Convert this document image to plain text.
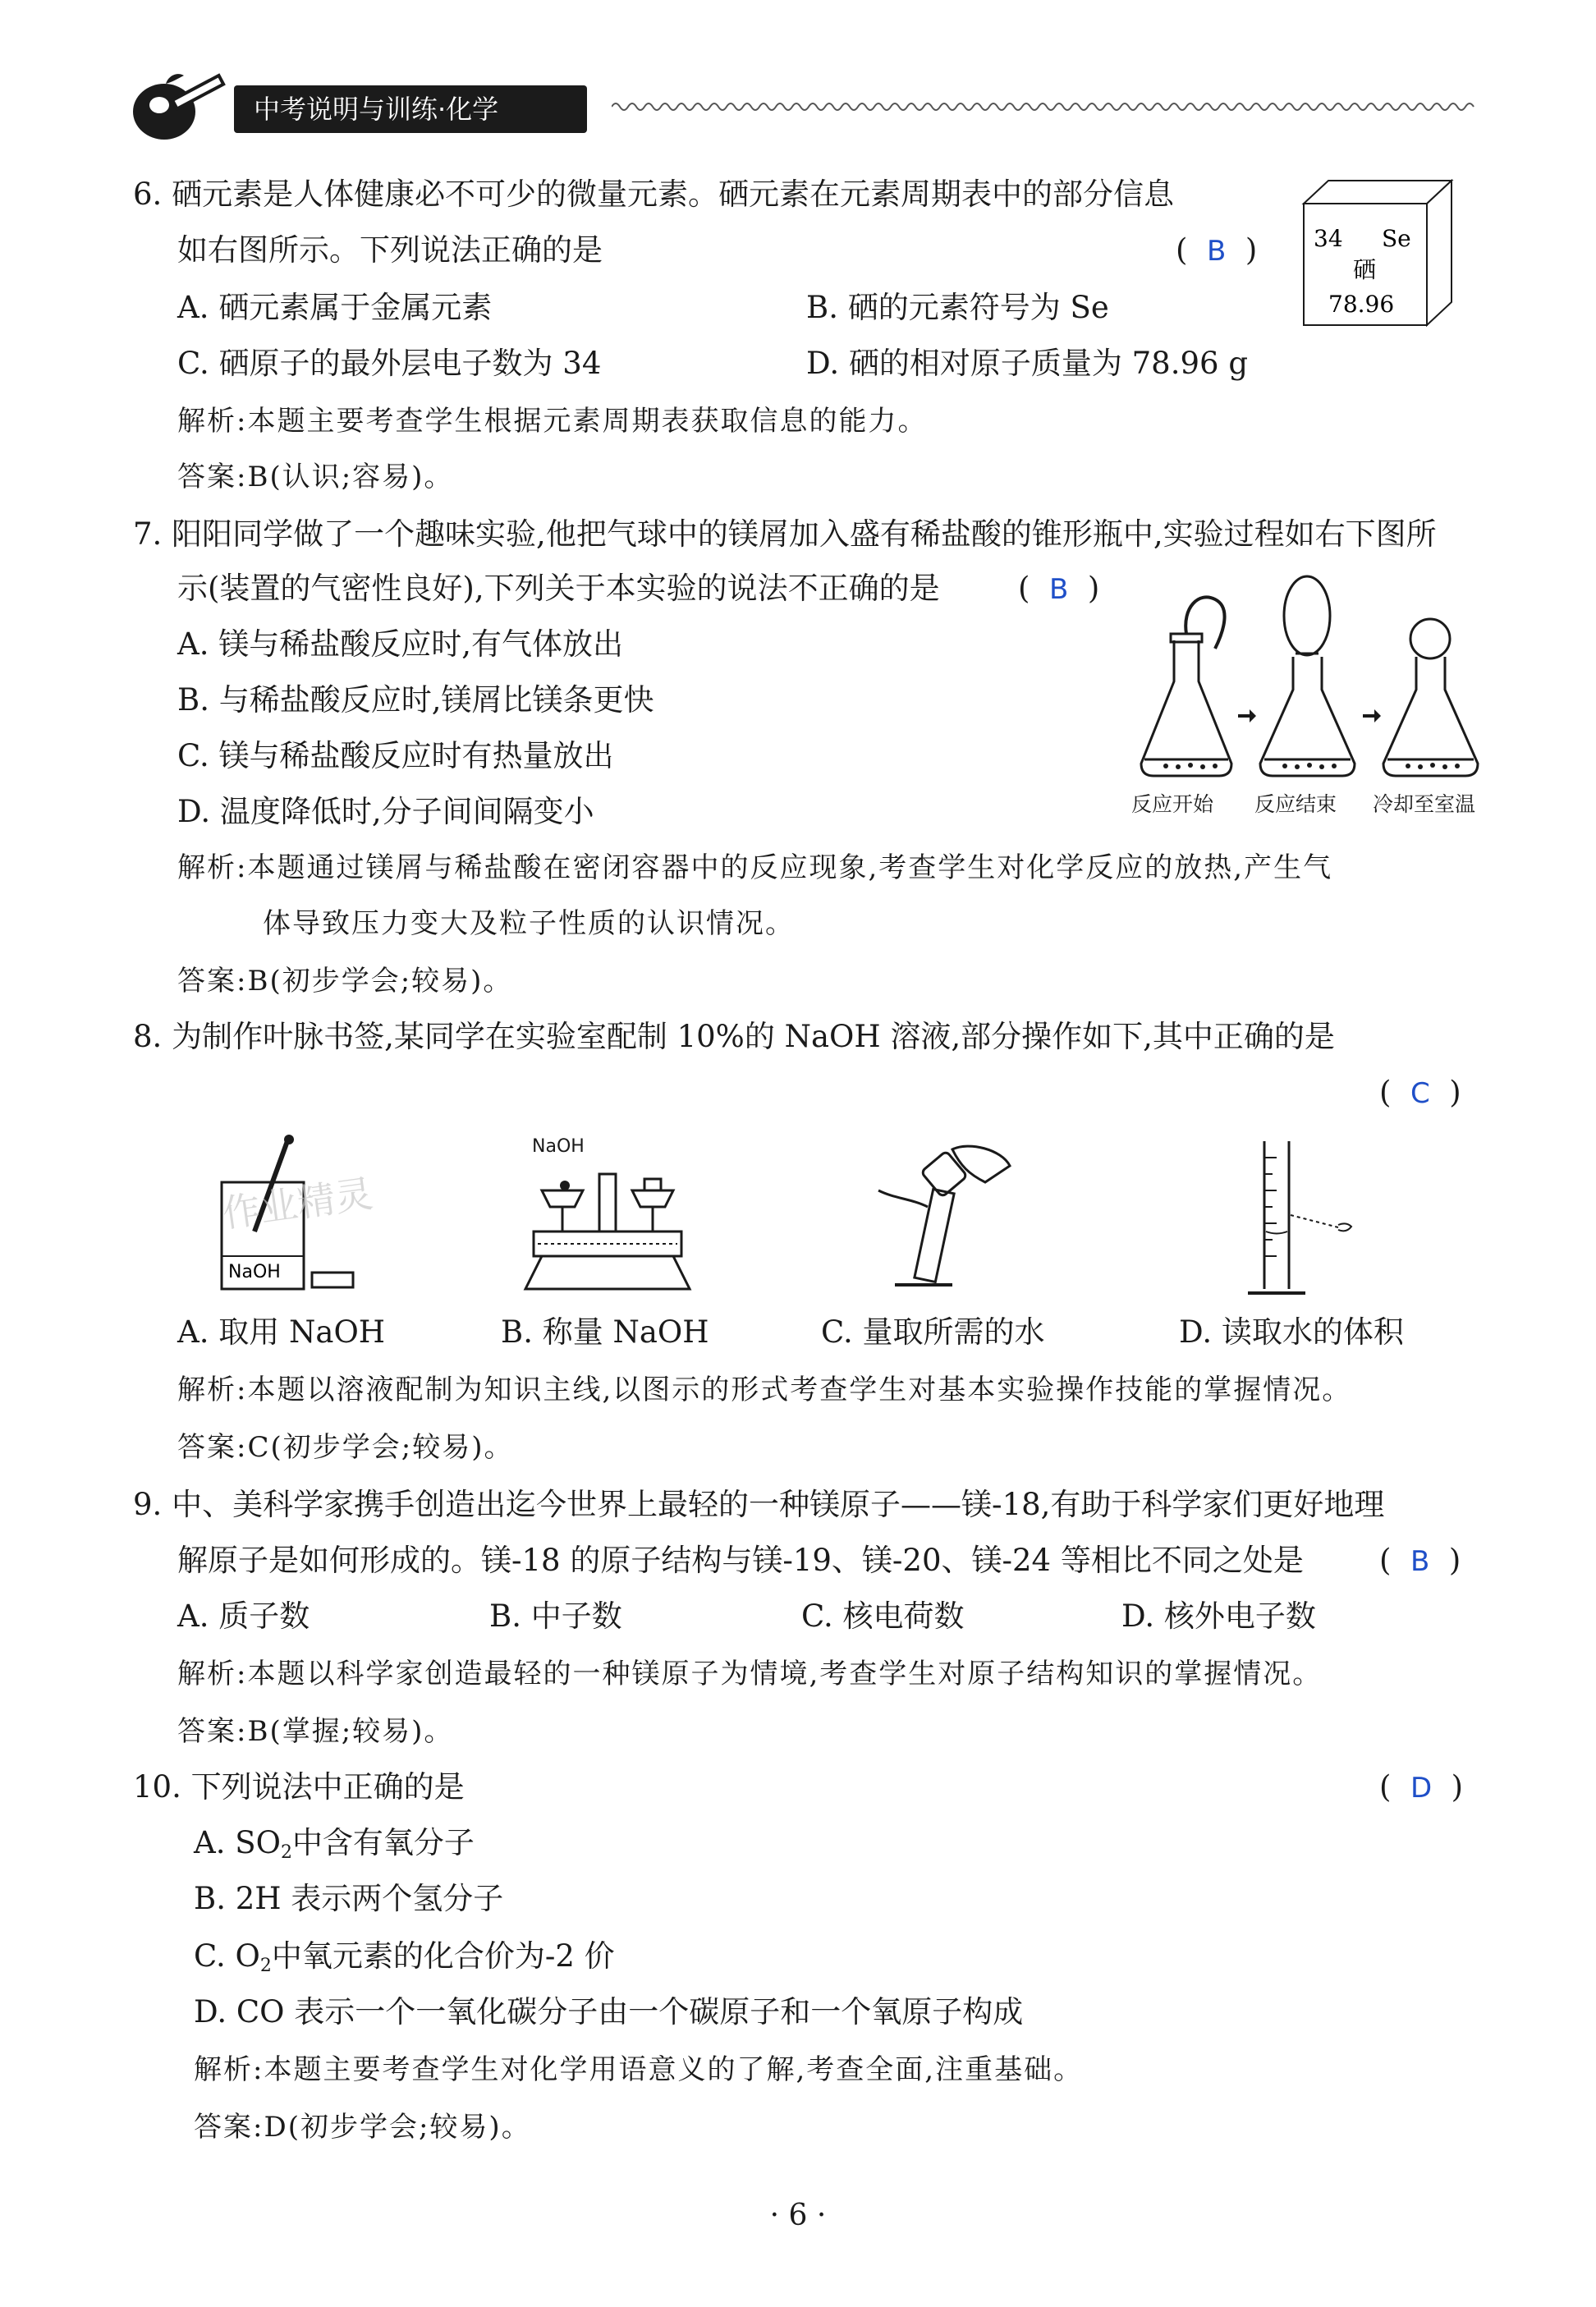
中考说明与训练·化学
6. 硒元素是人体健康必不可少的微量元素。硒元素在元素周期表中的部分信息
如右图所示。下列说法正确的是	(  B  ) 34 Se
硒
78.96
A. 硒元素属于金属元素	B. 硒的元素符号为 Se
C. 硒原子的最外层电子数为 34	D. 硒的相对原子质量为 78.96 g
解析:本题主要考查学生根据元素周期表获取信息的能力。
答案:B(认识;容易)。
7. 阳阳同学做了一个趣味实验,他把气球中的镁屑加入盛有稀盐酸的锥形瓶中,实验过程如右下图所
示(装置的气密性良好),下列关于本实验的说法不正确的是	(  B  )
A. 镁与稀盐酸反应时,有气体放出
B. 与稀盐酸反应时,镁屑比镁条更快
C. 镁与稀盐酸反应时有热量放出
D. 温度降低时,分子间间隔变小	反应开始 反应结束 冷却至室温
解析:本题通过镁屑与稀盐酸在密闭容器中的反应现象,考查学生对化学反应的放热,产生气
体导致压力变大及粒子性质的认识情况。
答案:B(初步学会;较易)。
8. 为制作叶脉书签,某同学在实验室配制 10%的 NaOH 溶液,部分操作如下,其中正确的是
(  C  )
NaOH
作业精灵
NaOH
A. 取用 NaOH	B. 称量 NaOH	C. 量取所需的水	D. 读取水的体积
解析:本题以溶液配制为知识主线,以图示的形式考查学生对基本实验操作技能的掌握情况。
答案:C(初步学会;较易)。
9. 中、美科学家携手创造出迄今世界上最轻的一种镁原子——镁-18,有助于科学家们更好地理
解原子是如何形成的。镁-18 的原子结构与镁-19、镁-20、镁-24 等相比不同之处是 (  B  )
A. 质子数	B. 中子数	C. 核电荷数	D. 核外电子数
解析:本题以科学家创造最轻的一种镁原子为情境,考查学生对原子结构知识的掌握情况。
答案:B(掌握;较易)。
10. 下列说法中正确的是	(  D  )
A. $SO_2$中含有氧分子
B. 2H 表示两个氢分子
C. $O_2$中氧元素的化合价为-2 价
D. CO 表示一个一氧化碳分子由一个碳原子和一个氧原子构成
解析:本题主要考查学生对化学用语意义的了解,考查全面,注重基础。
答案:D(初步学会;较易)。
· 6 ·
